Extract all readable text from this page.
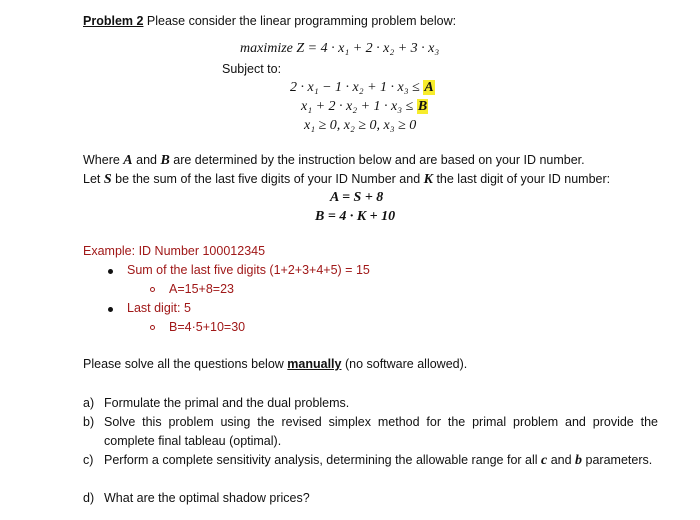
Problem 2 Please consider the linear programming problem below:
maximize Z = 4 · x₁ + 2 · x₂ + 3 · x₃
Subject to:
2 · x₁ − 1 · x₂ + 1 · x₃ ≤ A
x₁ + 2 · x₂ + 1 · x₃ ≤ B
x₁ ≥ 0, x₂ ≥ 0, x₃ ≥ 0
Where A and B are determined by the instruction below and are based on your ID number.
Let S be the sum of the last five digits of your ID Number and K the last digit of your ID number:
A = S + 8
B = 4 · K + 10
Example: ID Number 100012345
Sum of the last five digits (1+2+3+4+5) = 15
A=15+8=23
Last digit: 5
B=4·5+10=30
Please solve all the questions below manually (no software allowed).
a) Formulate the primal and the dual problems.
b) Solve this problem using the revised simplex method for the primal problem and provide the complete final tableau (optimal).
c) Perform a complete sensitivity analysis, determining the allowable range for all c and b parameters.
d) What are the optimal shadow prices?
